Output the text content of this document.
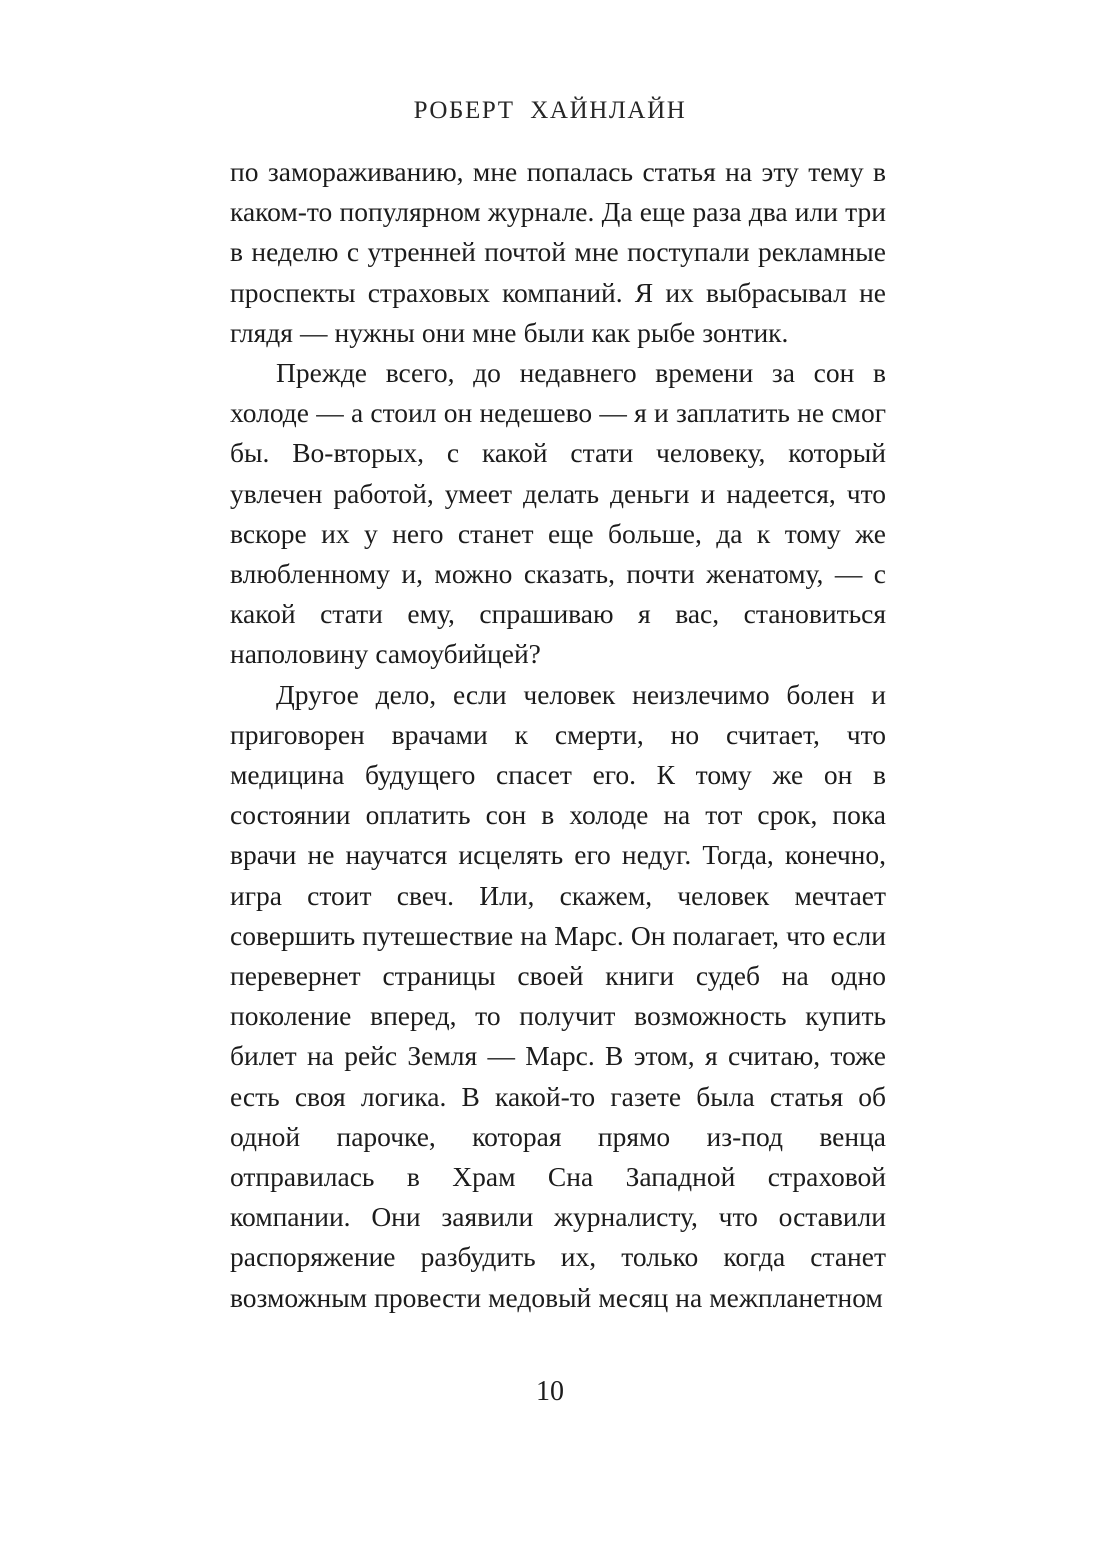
РОБЕРТ  ХАЙНЛАЙН

по замораживанию, мне попалась статья на эту тему в каком-то популярном журнале. Да еще раза два или три в неделю с утренней почтой мне поступали рекламные проспекты страховых компаний. Я их выбрасывал не глядя — нужны они мне были как рыбе зонтик.

Прежде всего, до недавнего времени за сон в холоде — а стоил он недешево — я и заплатить не смог бы. Во-вторых, с какой стати человеку, который увлечен работой, умеет делать деньги и надеется, что вскоре их у него станет еще больше, да к тому же влюбленному и, можно сказать, почти женатому, — с какой стати ему, спрашиваю я вас, становиться наполовину самоубийцей?

Другое дело, если человек неизлечимо болен и приговорен врачами к смерти, но считает, что медицина будущего спасет его. К тому же он в состоянии оплатить сон в холоде на тот срок, пока врачи не научатся исцелять его недуг. Тогда, конечно, игра стоит свеч. Или, скажем, человек мечтает совершить путешествие на Марс. Он полагает, что если перевернет страницы своей книги судеб на одно поколение вперед, то получит возможность купить билет на рейс Земля — Марс. В этом, я считаю, тоже есть своя логика. В какой-то газете была статья об одной парочке, которая прямо из-под венца отправилась в Храм Сна Западной страховой компании. Они заявили журналисту, что оставили распоряжение разбудить их, только когда станет возможным провести медовый месяц на межпланетном

10
